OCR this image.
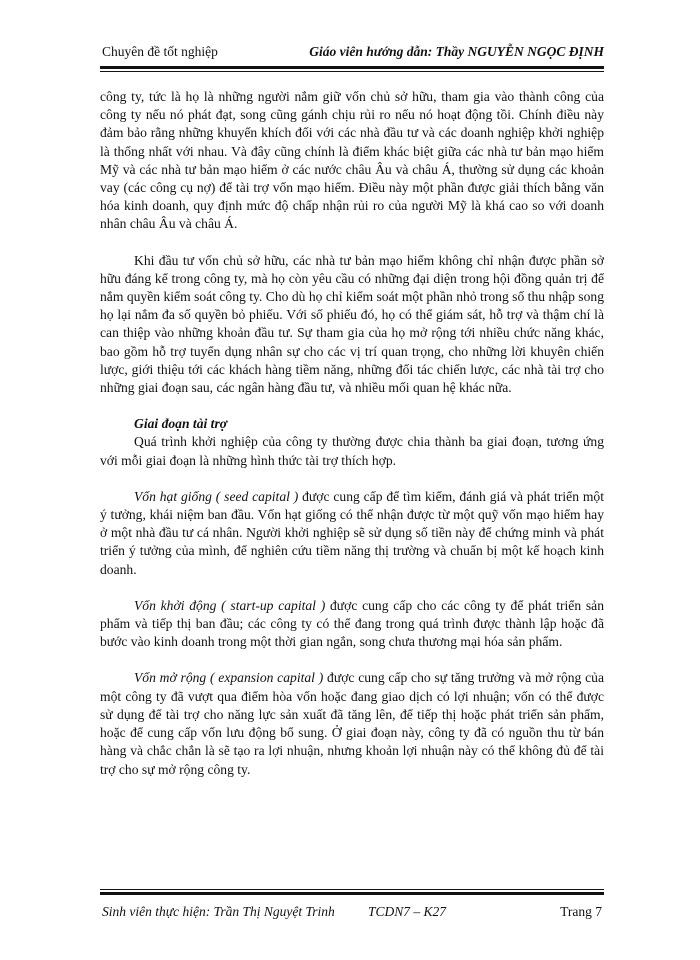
Chuyên đề tốt nghiệp	Giáo viên hướng dẫn: Thầy NGUYỄN NGỌC ĐỊNH

công ty, tức là họ là những người nắm giữ vốn chủ sở hữu, tham gia vào thành công của công ty nếu nó phát đạt, song cũng gánh chịu rủi ro nếu nó hoạt động tồi. Chính điều này đảm bảo rằng những khuyến khích đối với các nhà đầu tư và các doanh nghiệp khởi nghiệp là thống nhất với nhau. Và đây cũng chính là điểm khác biệt giữa các nhà tư bản mạo hiểm Mỹ và các nhà tư bản mạo hiểm ở các nước châu Âu và châu Á, thường sử dụng các khoản vay (các công cụ nợ) để tài trợ vốn mạo hiểm. Điều này một phần được giải thích bằng văn hóa kinh doanh, quy định mức độ chấp nhận rủi ro của người Mỹ là khá cao so với doanh nhân châu Âu và châu Á.

Khi đầu tư vốn chủ sở hữu, các nhà tư bản mạo hiểm không chỉ nhận được phần sở hữu đáng kể trong công ty, mà họ còn yêu cầu có những đại diện trong hội đồng quản trị để nắm quyền kiểm soát công ty. Cho dù họ chỉ kiểm soát một phần nhỏ trong số thu nhập song họ lại nắm đa số quyền bỏ phiếu. Với số phiếu đó, họ có thể giám sát, hỗ trợ và thậm chí là can thiệp vào những khoản đầu tư. Sự tham gia của họ mở rộng tới nhiều chức năng khác, bao gồm hỗ trợ tuyển dụng nhân sự cho các vị trí quan trọng, cho những lời khuyên chiến lược, giới thiệu tới các khách hàng tiềm năng, những đối tác chiến lược, các nhà tài trợ cho những giai đoạn sau, các ngân hàng đầu tư, và nhiều mối quan hệ khác nữa.

Giai đoạn tài trợ

Quá trình khởi nghiệp của công ty thường được chia thành ba giai đoạn, tương ứng với mỗi giai đoạn là những hình thức tài trợ thích hợp.

Vốn hạt giống ( seed capital ) được cung cấp để tìm kiếm, đánh giá và phát triển một ý tưởng, khái niệm ban đầu. Vốn hạt giống có thể nhận được từ một quỹ vốn mạo hiểm hay ở một nhà đầu tư cá nhân. Người khởi nghiệp sẽ sử dụng số tiền này để chứng minh và phát triển ý tưởng của mình, để nghiên cứu tiềm năng thị trường và chuẩn bị một kế hoạch kinh doanh.

Vốn khởi động ( start-up capital ) được cung cấp cho các công ty để phát triển sản phẩm và tiếp thị ban đầu; các công ty có thể đang trong quá trình được thành lập hoặc đã bước vào kinh doanh trong một thời gian ngắn, song chưa thương mại hóa sản phẩm.

Vốn mở rộng ( expansion capital ) được cung cấp cho sự tăng trưởng và mở rộng của một công ty đã vượt qua điểm hòa vốn hoặc đang giao dịch có lợi nhuận; vốn có thể được sử dụng để tài trợ cho năng lực sản xuất đã tăng lên, để tiếp thị hoặc phát triển sản phẩm, hoặc để cung cấp vốn lưu động bổ sung. Ở giai đoạn này, công ty đã có nguồn thu từ bán hàng và chắc chắn là sẽ tạo ra lợi nhuận, nhưng khoản lợi nhuận này có thể không đủ để tài trợ cho sự mở rộng công ty.

Sinh viên thực hiện: Trần Thị Nguyệt Trinh TCDN7 – K27	Trang 7
